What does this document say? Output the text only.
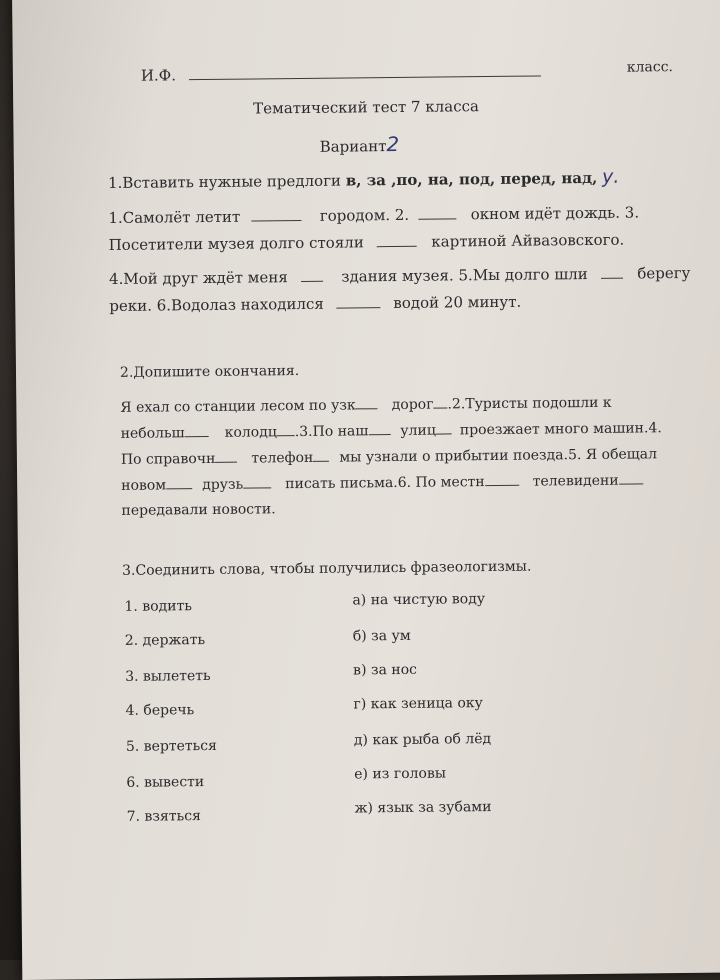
И.Ф.	класс.
Тематический тест 7 класса
Вариант2
1.Вставить нужные предлоги в, за ,по, на, под, перед, над, у.
1.Самолёт летит	городом. 2.	окном идёт дождь. 3.
Посетители музея долго стояли	картиной Айвазовского.
4.Мой друг ждёт меня	здания музея. 5.Мы долго шли	берегу
реки. 6.Водолаз находился	водой 20 минут.
2.Допишите окончания.
Я ехал со станции лесом по узк	дорог .2.Туристы подошли к
небольш	колодц .3.По наш улиц проезжает много машин.4.
По справочн	телефон мы узнали о прибытии поезда.5. Я обещал
новом	друзь	писать письма.6. По местн	телевидени
передавали новости.
3.Соединить слова, чтобы получились фразеологизмы.
1. водить
2. держать
3. вылететь
4. беречь
5. вертеться
6. вывести
7. взяться
а) на чистую воду
б) за ум
в) за нос
г) как зеница оку
д) как рыба об лёд
е) из головы
ж) язык за зубами
